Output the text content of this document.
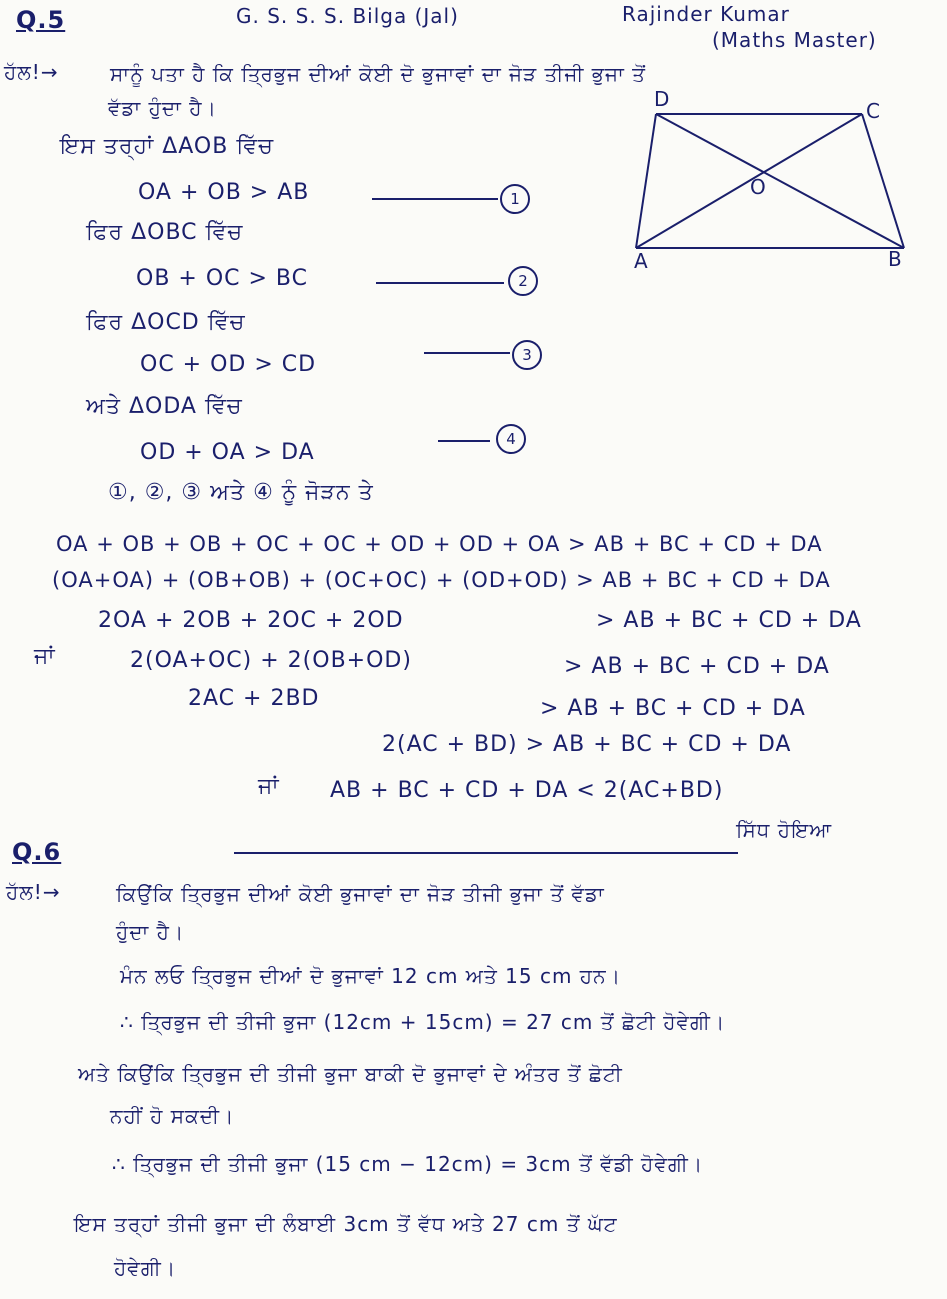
Q.5	G. S. S. S. Bilga (Jal)	Rajinder Kumar
(Maths Master)
ਹੱਲ!→	ਸਾਨੂੰ ਪਤਾ ਹੈ ਕਿ ਤ੍ਰਿਭੁਜ ਦੀਆਂ ਕੋਈ ਦੋ ਭੁਜਾਵਾਂ ਦਾ ਜੋੜ ਤੀਜੀ ਭੁਜਾ ਤੋਂ
ਵੱਡਾ ਹੁੰਦਾ ਹੈ।
ਇਸ ਤਰ੍ਹਾਂ ΔAOB ਵਿੱਚ
OA + OB > AB	1
ਫਿਰ ΔOBC ਵਿੱਚ
OB + OC > BC	2
ਫਿਰ ΔOCD ਵਿੱਚ
OC + OD > CD	3
ਅਤੇ ΔODA ਵਿੱਚ
OD + OA > DA
4
①, ②, ③ ਅਤੇ ④ ਨੂੰ ਜੋੜਨ ਤੇ
OA + OB + OB + OC + OC + OD + OD + OA > AB + BC + CD + DA
(OA+OA) + (OB+OB) + (OC+OC) + (OD+OD) > AB + BC + CD + DA
2OA + 2OB + 2OC + 2OD	> AB + BC + CD + DA
ਜਾਂ	2(OA+OC) + 2(OB+OD)	> AB + BC + CD + DA
2AC + 2BD	> AB + BC + CD + DA
2(AC + BD) > AB + BC + CD + DA
ਜਾਂ AB + BC + CD + DA < 2(AC+BD)
ਸਿੱਧ ਹੋਇਆ
D	C
O
A	B
Q.6
ਹੱਲ!→	ਕਿਉਂਕਿ ਤ੍ਰਿਭੁਜ ਦੀਆਂ ਕੋਈ ਭੁਜਾਵਾਂ ਦਾ ਜੋੜ ਤੀਜੀ ਭੁਜਾ ਤੋਂ ਵੱਡਾ
ਹੁੰਦਾ ਹੈ।
ਮੰਨ ਲਓ ਤ੍ਰਿਭੁਜ ਦੀਆਂ ਦੋ ਭੁਜਾਵਾਂ 12 cm ਅਤੇ 15 cm ਹਨ।
∴ ਤ੍ਰਿਭੁਜ ਦੀ ਤੀਜੀ ਭੁਜਾ (12cm + 15cm) = 27 cm ਤੋਂ ਛੋਟੀ ਹੋਵੇਗੀ।
ਅਤੇ ਕਿਉਂਕਿ ਤ੍ਰਿਭੁਜ ਦੀ ਤੀਜੀ ਭੁਜਾ ਬਾਕੀ ਦੋ ਭੁਜਾਵਾਂ ਦੇ ਅੰਤਰ ਤੋਂ ਛੋਟੀ
ਨਹੀਂ ਹੋ ਸਕਦੀ।
∴ ਤ੍ਰਿਭੁਜ ਦੀ ਤੀਜੀ ਭੁਜਾ (15 cm − 12cm) = 3cm ਤੋਂ ਵੱਡੀ ਹੋਵੇਗੀ।
ਇਸ ਤਰ੍ਹਾਂ ਤੀਜੀ ਭੁਜਾ ਦੀ ਲੰਬਾਈ 3cm ਤੋਂ ਵੱਧ ਅਤੇ 27 cm ਤੋਂ ਘੱਟ
ਹੋਵੇਗੀ।
